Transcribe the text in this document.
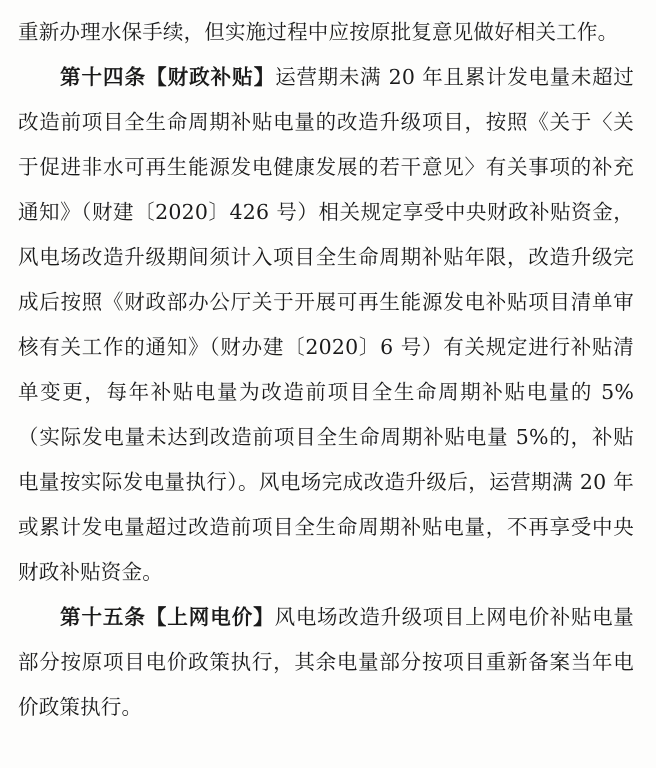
重新办理水保手续，但实施过程中应按原批复意见做好相关工作。

第十四条【财政补贴】运营期未满 20 年且累计发电量未超过改造前项目全生命周期补贴电量的改造升级项目，按照《关于〈关于促进非水可再生能源发电健康发展的若干意见〉有关事项的补充通知》（财建〔2020〕426 号）相关规定享受中央财政补贴资金，风电场改造升级期间须计入项目全生命周期补贴年限，改造升级完成后按照《财政部办公厅关于开展可再生能源发电补贴项目清单审核有关工作的通知》（财办建〔2020〕6 号）有关规定进行补贴清单变更，每年补贴电量为改造前项目全生命周期补贴电量的 5%（实际发电量未达到改造前项目全生命周期补贴电量 5%的，补贴电量按实际发电量执行）。风电场完成改造升级后，运营期满 20 年或累计发电量超过改造前项目全生命周期补贴电量，不再享受中央财政补贴资金。

第十五条【上网电价】风电场改造升级项目上网电价补贴电量部分按原项目电价政策执行，其余电量部分按项目重新备案当年电价政策执行。
